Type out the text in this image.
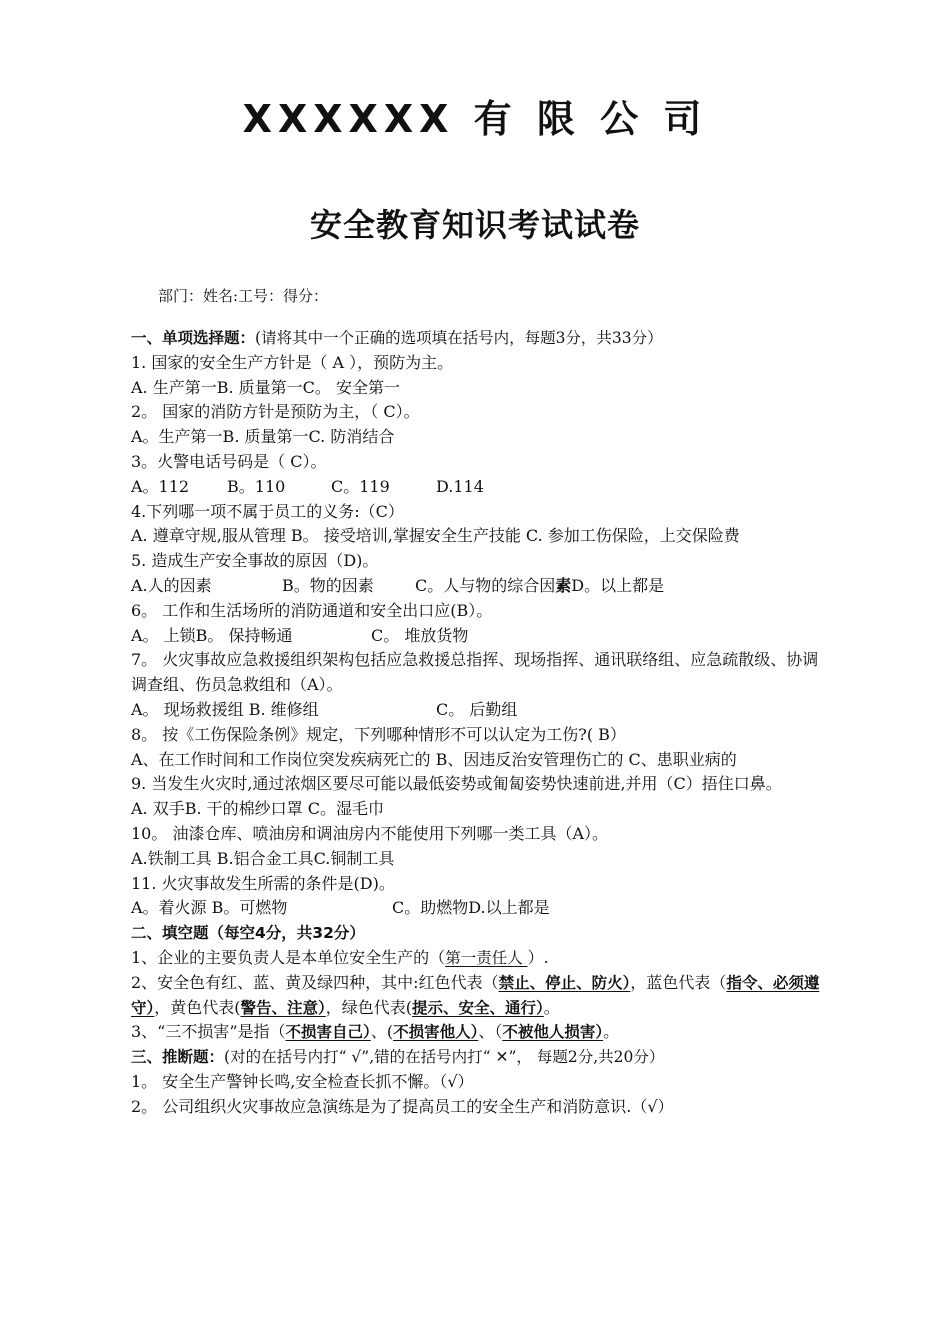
XXXXXX 有 限 公 司
安全教育知识考试试卷
部门：姓名:工号：得分：
一、单项选择题：(请将其中一个正确的选项填在括号内，每题3分，共33分）
1. 国家的安全生产方针是（ A ），预防为主。
A. 生产第一B. 质量第一C。 安全第一
2。 国家的消防方针是预防为主，（ C）。
A。生产第一B. 质量第一C. 防消结合
3。火警电话号码是（ C）。
A。112 B。110	C。119	D.114
4.下列哪一项不属于员工的义务:（C）
A. 遵章守规,服从管理 B。 接受培训,掌握安全生产技能 C. 参加工伤保险，上交保险费
5. 造成生产安全事故的原因（D)。
A.人的因素	B。物的因素	C。人与物的综合因素D。以上都是
6。 工作和生活场所的消防通道和安全出口应(B）。
A。 上锁B。 保持畅通	C。 堆放货物
7。 火灾事故应急救援组织架构包括应急救援总指挥、现场指挥、通讯联络组、应急疏散级、协调调查组、伤员急救组和（A）。
A。 现场救援组 B. 维修组	C。 后勤组
8。 按《工伤保险条例》规定，下列哪种情形不可以认定为工伤?( B）
A、在工作时间和工作岗位突发疾病死亡的 B、因违反治安管理伤亡的 C、患职业病的
9. 当发生火灾时,通过浓烟区要尽可能以最低姿势或匍匐姿势快速前进,并用（C）捂住口鼻。
A. 双手B. 干的棉纱口罩 C。湿毛巾
10。 油漆仓库、喷油房和调油房内不能使用下列哪一类工具（A）。
A.铁制工具 B.铝合金工具C.铜制工具
11. 火灾事故发生所需的条件是(D)。
A。着火源 B。可燃物	C。助燃物D.以上都是
二、填空题（每空4分，共32分）
1、企业的主要负责人是本单位安全生产的（第一责任人 ）.
2、安全色有红、蓝、黄及绿四种，其中:红色代表（禁止、停止、防火），蓝色代表（指令、必须遵守），黄色代表(警告、注意），绿色代表(提示、安全、通行）。
3、“三不损害”是指（不损害自己）、(不损害他人）、（不被他人损害）。
三、推断题：(对的在括号内打“ √”,错的在括号内打“ ✕”， 每题2分,共20分）
1。 安全生产警钟长鸣,安全检查长抓不懈。（√）
2。 公司组织火灾事故应急演练是为了提高员工的安全生产和消防意识.（√）
